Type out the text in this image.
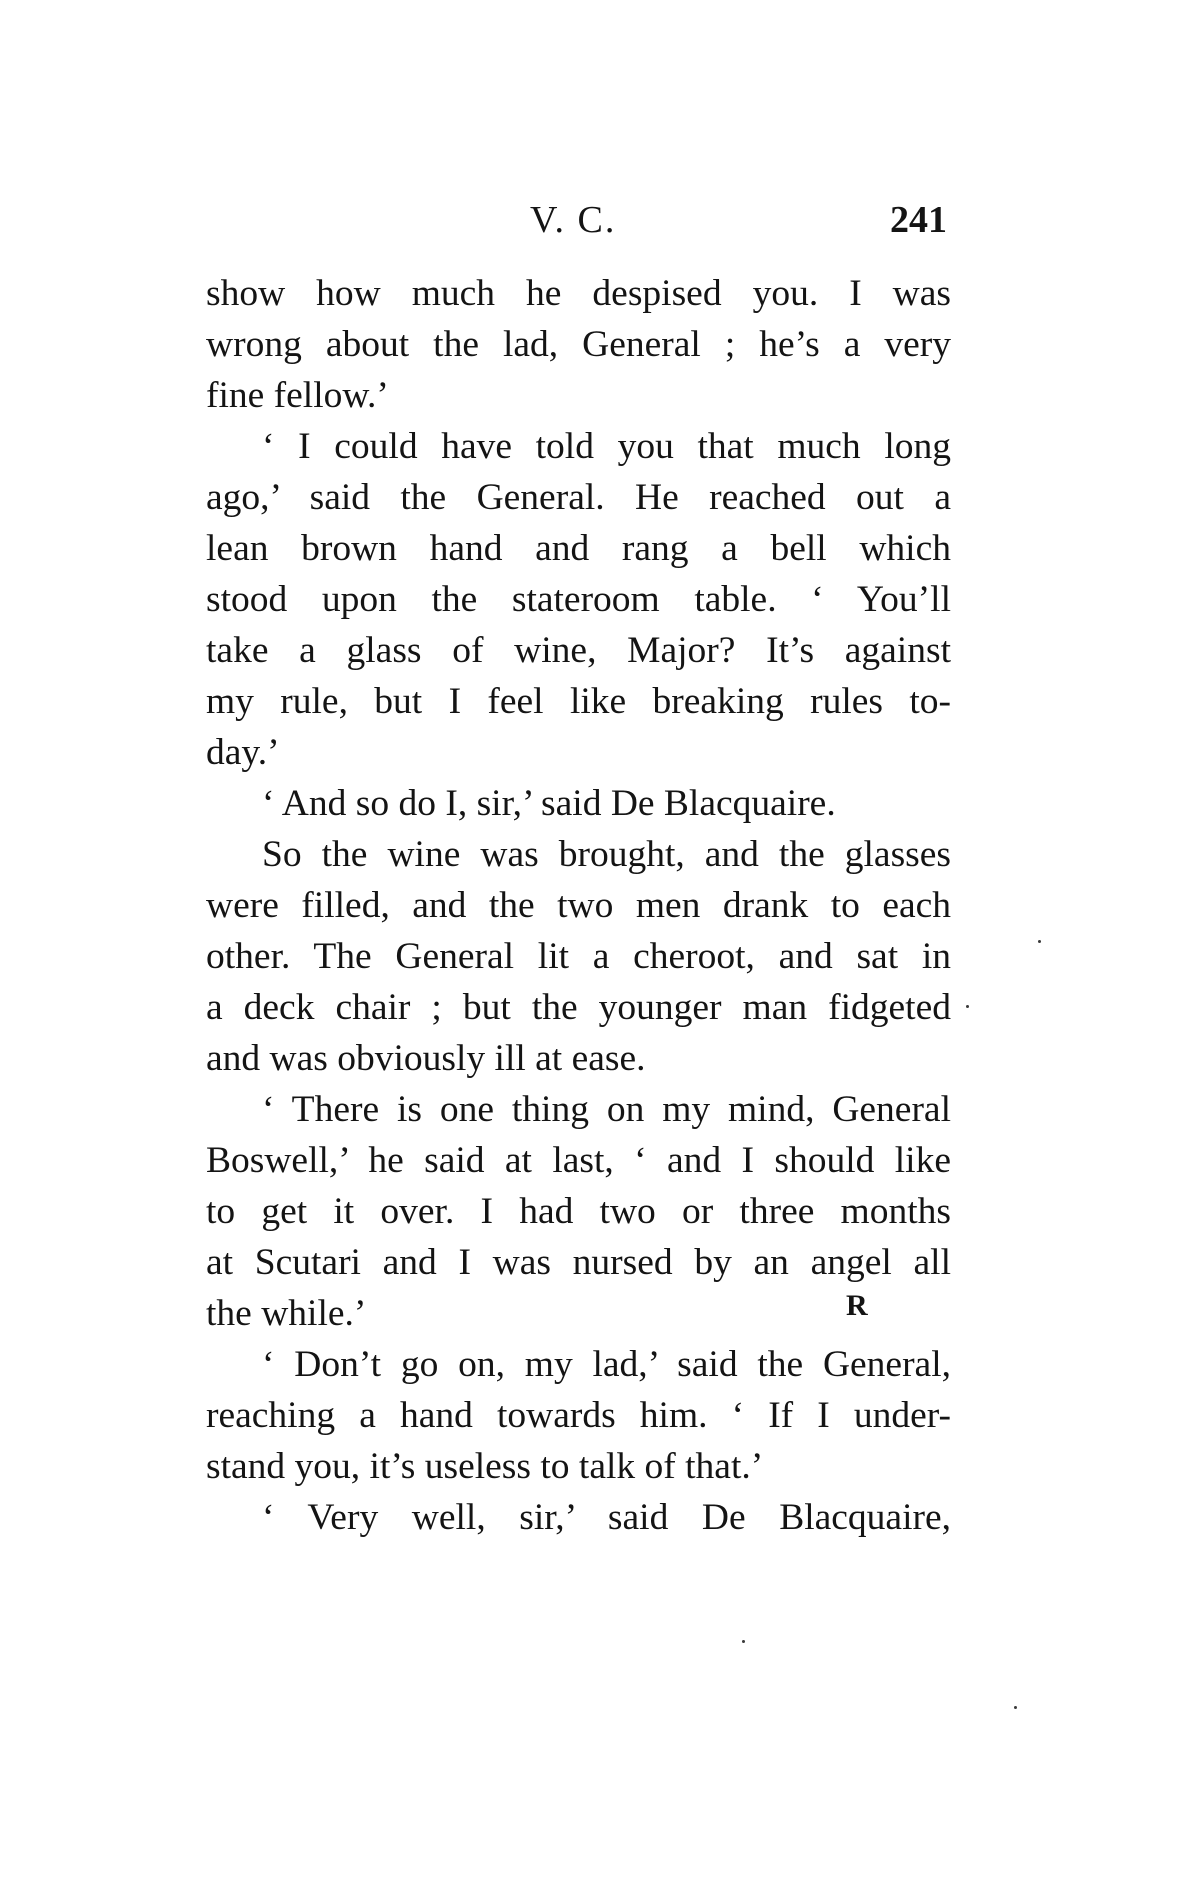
V. C.	241
show how much he despised you. I was
wrong about the lad, General ; he’s a very
fine fellow.’
‘ I could have told you that much long
ago,’ said the General. He reached out a
lean brown hand and rang a bell which
stood upon the stateroom table. ‘ You’ll
take a glass of wine, Major? It’s against
my rule, but I feel like breaking rules to-
day.’
‘ And so do I, sir,’ said De Blacquaire.
So the wine was brought, and the glasses
were filled, and the two men drank to each
other. The General lit a cheroot, and sat in
a deck chair ; but the younger man fidgeted
and was obviously ill at ease.
‘ There is one thing on my mind, General
Boswell,’ he said at last, ‘ and I should like
to get it over. I had two or three months
at Scutari and I was nursed by an angel all
the while.’
‘ Don’t go on, my lad,’ said the General,
reaching a hand towards him. ‘ If I under-
stand you, it’s useless to talk of that.’
‘ Very well, sir,’ said De Blacquaire,
R
